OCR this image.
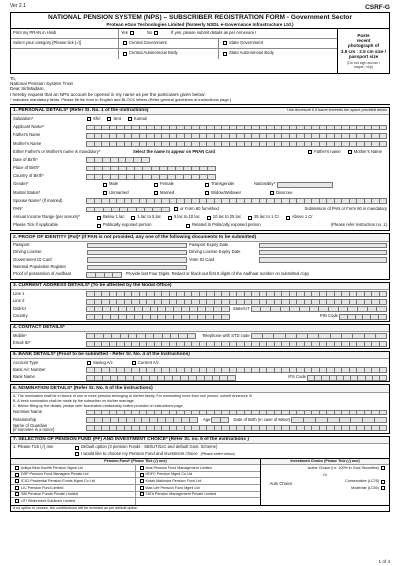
Ver 2.1	CSRF-G
NATIONAL PENSION SYSTEM (NPS) – SUBSCRIBER REGISTRATION FORM - Government Sector
Protean eGov Technologies Limited (formerly NSDL e-Governance Infrastructure Ltd.)
Print my PRAN in Hindi	Yes	No	If yes, please submit details as per Annexure I
Select your category [Please tick (√)]	Central Government	State Government
Central Autonomous Body	State Autonomous Body
Paste
recent
photograph of
3.5 cm : 2.5 cm size /
passport size
(Do not sign across /
staple / clip)
To,
National Pension System Trust
Dear Sir/Madam,
I hereby request that an NPS account be opened in my name as per the particulars given below:
* Indicates mandatory fields. Please fill the form in English and BLOCK letters (Refer general guidelines at instructions page.)
1. PERSONAL DETAILS* (Refer Sl. No. 1 of the instructions)	Use Annexure II if name exceeds the space provided below
Salutation*	Shri	Smt	Kumari
Applicant Name*
Father's Name
Mother's Name
Either Father's or Mother's name is mandatory*	Select the name to appear on PRAN Card	Father's name	Mother's Name
Date of Birth*
Place of Birth*
Country of Birth*
Gender*	Male	Female	Transgender	Nationality*
Marital Status*	Unmarried	Married	Widow/Widower	Divorcee
Spouse Name* (if married)
PAN*	or Form 60 furnished	Submission of PAN or Form 60 is mandatory
Annual Income Range (per annum)*	Below 1 lac	1 lac to 5 lac	5 lac to 10 lac	10 lac to 25 lac	25 lac to 1 Cr	Above 1 Cr
Please Tick if Applicable	Politically exposed person	Related to Politically exposed person	(Please refer instruction no. 1)
2. PROOF OF IDENTITY (PoI)* (If PAN is not provided, any one of the following documents to be submitted)
Passport	Passport Expiry Date
Driving License	Driving License Expiry Date
Government ID Card	Voter ID Card
National Population Register
Proof of possession of Aadhaar	Provide last Four Digits. Redact or black-out first 8 digits of the Aadhaar number on submitted copy
3. CURRENT ADDRESS DETAILS* (To be attested by the Nodal Office)
Line 1
Line 2
District	State/UT
Country	PIN Code
4. CONTACT DETAILS*
Mobile*	Telephone with STD code
Email ID*
5. BANK DETAILS* (Proof to be submitted - Refer Sr. No. 4 of the Instructions)
Account Type	Saving A/c	Current A/c
Bank A/c Number
Bank Name	IFS Code
6. NOMINATION DETAILS* (Refer Sr. No. 5 of the instructions)
A. The nomination shall be in favour of one or more persons belonging to his/her family. For nominating more than one person, submit Annexure III
B. A fresh nomination shall be made by the subscriber on his/her marriage.
C. Before filling-up the details, please refer Nomination relationship matrix provided on instructions page.
Nominee Name
Relationship	Age	Date of Birth (in case of Minor)
Name of Guardian
(if nominee is a minor)
7. SELECTION OF PENSION FUND (PF) AND INVESTMENT CHOICE* (Refer Sr. no. 6 of the instructions )
1. Please Tick (√) one	Default option (3 pension Funds - SBI/UTI/LIC and default Govt. Scheme)
I would like to choose my Pension Fund and investment choice (Please select below)
Pension Fund* (Please Tick (√) one)
Aditya Birla Sunlife Pension Mgmt Ltd
DSP Pension Fund Managers Private Ltd
ICICI Prudential Pension Funds Mgmt Co Ltd
LIC Pension Fund Limited
SBI Pension Funds Private Limited
UTI Retirement Solutions Limited
Axis Pension Fund Management Limited
HDFC Pension Mgmt Co Ltd
Kotak Mahindra Pension Fund Ltd
Max Life Pension Fund Mgmt Ltd
TATA Pension Management Private Limited
Investment Choice (Please Tick (√) one)
Active Choice (i.e. 100% in Govt Securities)
Or
Auto Choice	Conservative (LC25)
Moderate (LC50)
If no option is chosen, the contributions will be invested as per default option
1 of 4
